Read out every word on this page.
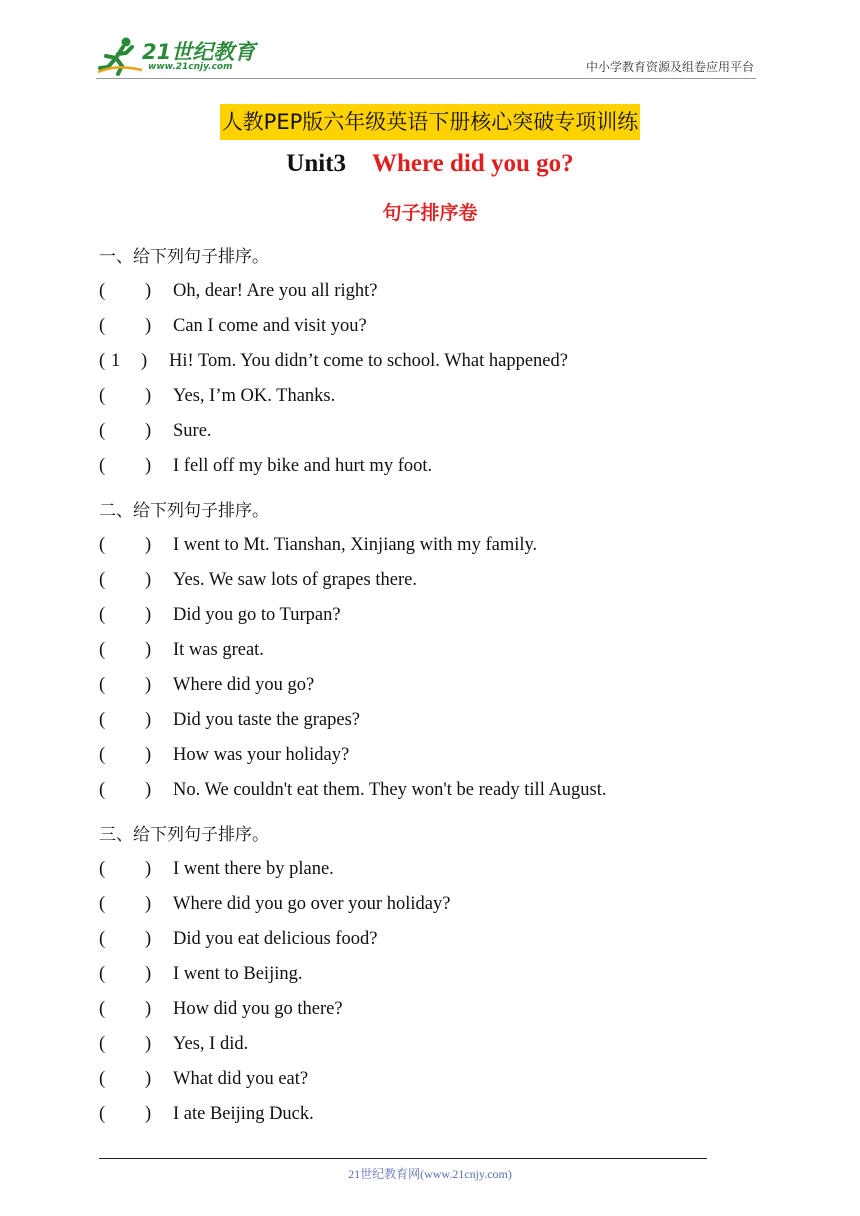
21世纪教育
www.21cnjy.com	中小学教育资源及组卷应用平台
人教PEP版六年级英语下册核心突破专项训练
Unit3 Where did you go?
句子排序卷
一、给下列句子排序。
( ) Oh, dear! Are you all right?
( ) Can I come and visit you?
( 1 ) Hi! Tom. You didn’t come to school. What happened?
( ) Yes, I’m OK. Thanks.
( ) Sure.
( ) I fell off my bike and hurt my foot.
二、给下列句子排序。
( ) I went to Mt. Tianshan, Xinjiang with my family.
( ) Yes. We saw lots of grapes there.
( ) Did you go to Turpan?
( ) It was great.
( ) Where did you go?
( ) Did you taste the grapes?
( ) How was your holiday?
( ) No. We couldn't eat them. They won't be ready till August.
三、给下列句子排序。
( ) I went there by plane.
( ) Where did you go over your holiday?
( ) Did you eat delicious food?
( ) I went to Beijing.
( ) How did you go there?
( ) Yes, I did.
( ) What did you eat?
( ) I ate Beijing Duck.
21世纪教育网(www.21cnjy.com)
